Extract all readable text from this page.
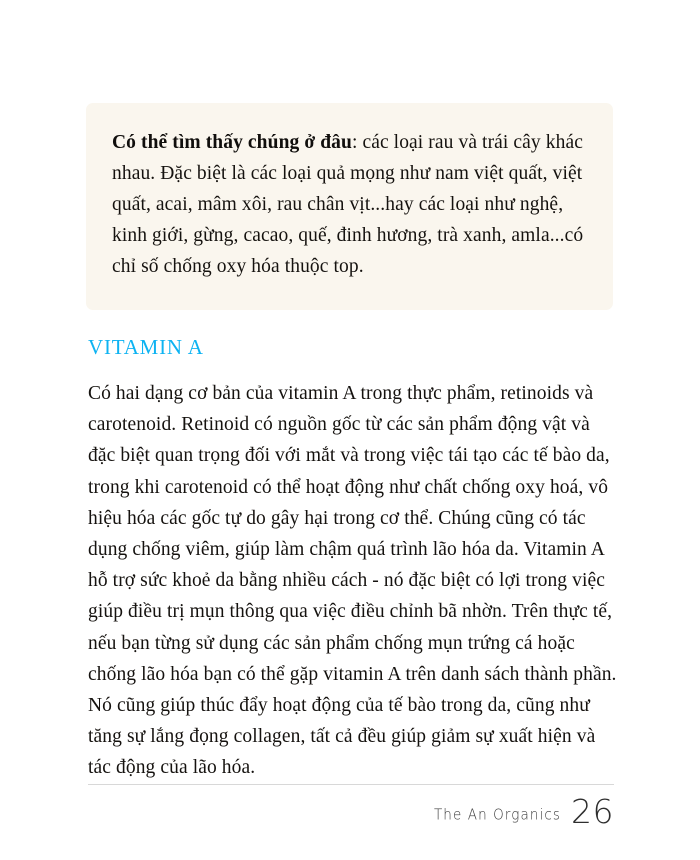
Có thể tìm thấy chúng ở đâu: các loại rau và trái cây khác nhau. Đặc biệt là các loại quả mọng như nam việt quất, việt quất, acai, mâm xôi, rau chân vịt...hay các loại như nghệ, kinh giới, gừng, cacao, quế, đinh hương, trà xanh, amla...có chỉ số chống oxy hóa thuộc top.

VITAMIN A

Có hai dạng cơ bản của vitamin A trong thực phẩm, retinoids và carotenoid. Retinoid có nguồn gốc từ các sản phẩm động vật và đặc biệt quan trọng đối với mắt và trong việc tái tạo các tế bào da, trong khi carotenoid có thể hoạt động như chất chống oxy hoá, vô hiệu hóa các gốc tự do gây hại trong cơ thể. Chúng cũng có tác dụng chống viêm, giúp làm chậm quá trình lão hóa da. Vitamin A hỗ trợ sức khoẻ da bằng nhiều cách - nó đặc biệt có lợi trong việc giúp điều trị mụn thông qua việc điều chỉnh bã nhờn. Trên thực tế, nếu bạn từng sử dụng các sản phẩm chống mụn trứng cá hoặc chống lão hóa bạn có thể gặp vitamin A trên danh sách thành phần. Nó cũng giúp thúc đẩy hoạt động của tế bào trong da, cũng như tăng sự lắng đọng collagen, tất cả đều giúp giảm sự xuất hiện và tác động của lão hóa.

The An Organics 26
